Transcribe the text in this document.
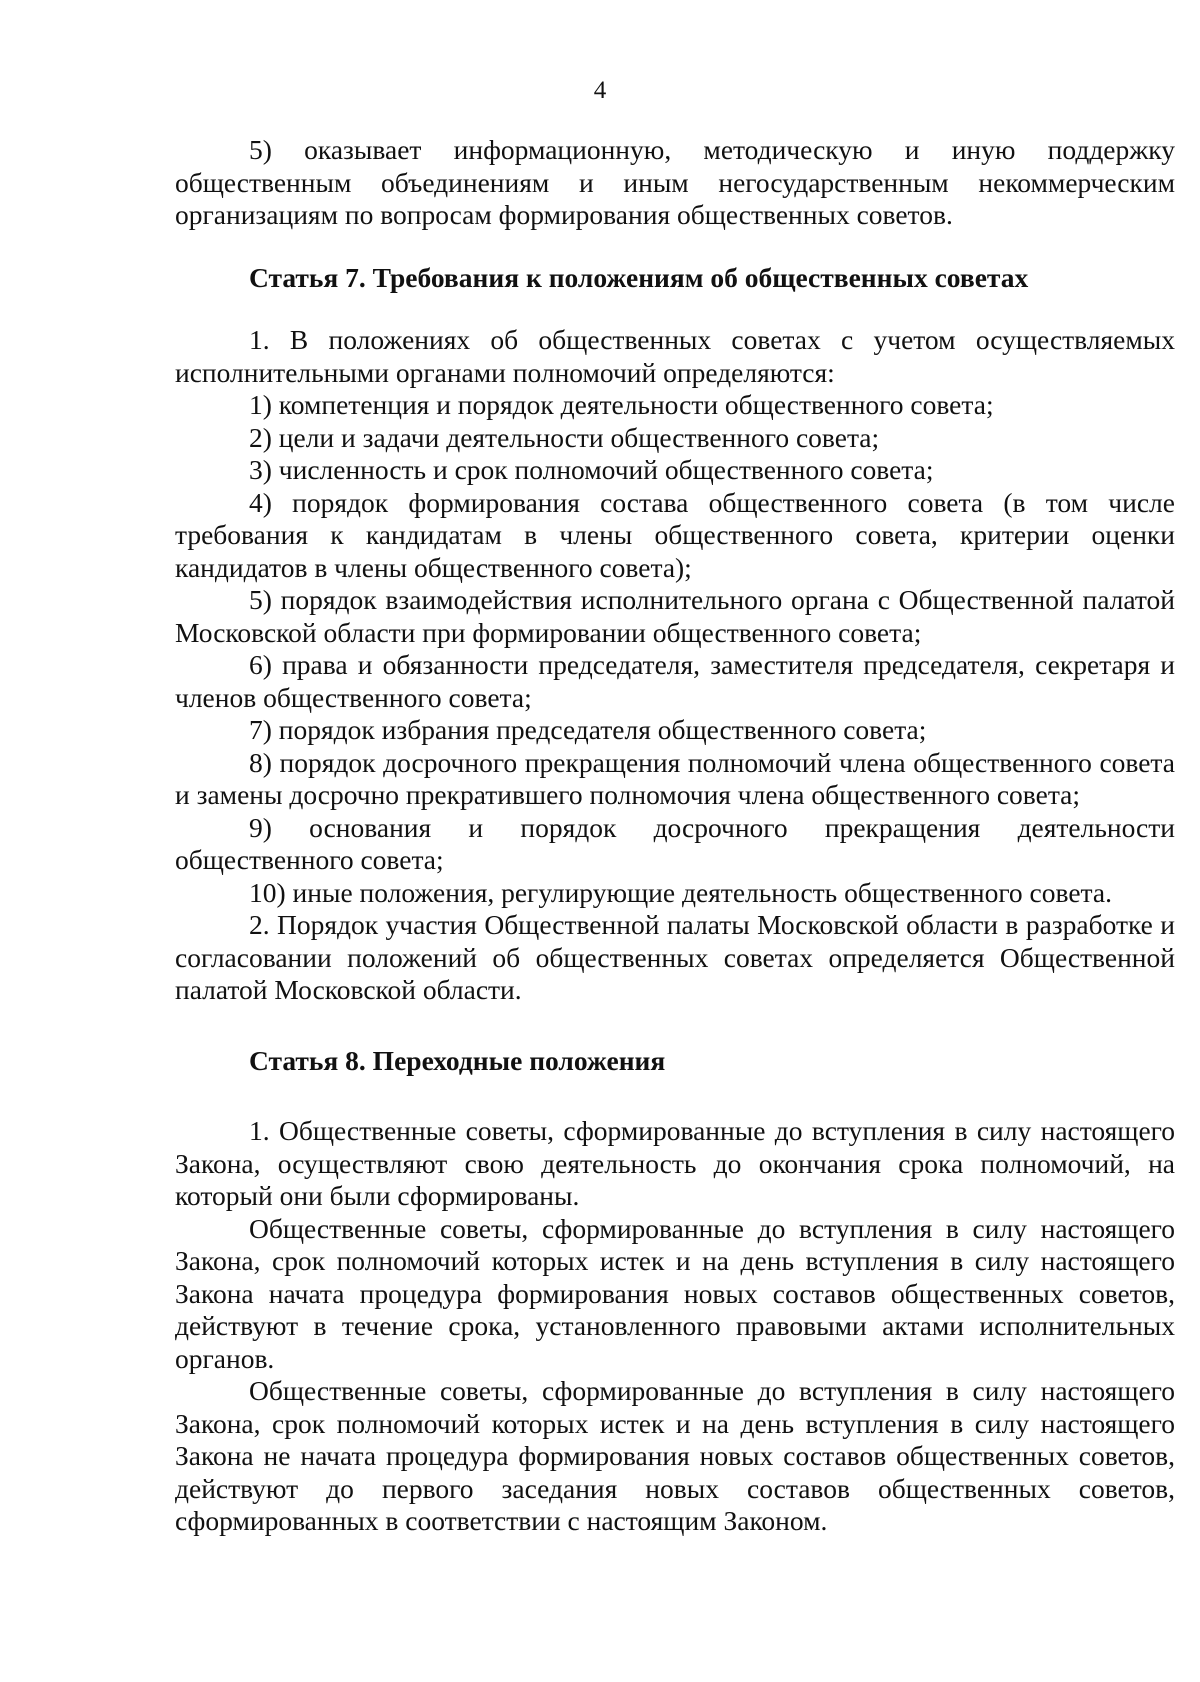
4

5) оказывает информационную, методическую и иную поддержку общественным объединениям и иным негосударственным некоммерческим организациям по вопросам формирования общественных советов.

Статья 7. Требования к положениям об общественных советах

1. В положениях об общественных советах с учетом осуществляемых исполнительными органами полномочий определяются:

1) компетенция и порядок деятельности общественного совета;

2) цели и задачи деятельности общественного совета;

3) численность и срок полномочий общественного совета;

4) порядок формирования состава общественного совета (в том числе требования к кандидатам в члены общественного совета, критерии оценки кандидатов в члены общественного совета);

5) порядок взаимодействия исполнительного органа с Общественной палатой Московской области при формировании общественного совета;

6) права и обязанности председателя, заместителя председателя, секретаря и членов общественного совета;

7) порядок избрания председателя общественного совета;

8) порядок досрочного прекращения полномочий члена общественного совета и замены досрочно прекратившего полномочия члена общественного совета;

9) основания и порядок досрочного прекращения деятельности общественного совета;

10) иные положения, регулирующие деятельность общественного совета.

2. Порядок участия Общественной палаты Московской области в разработке и согласовании положений об общественных советах определяется Общественной палатой Московской области.

Статья 8. Переходные положения

1. Общественные советы, сформированные до вступления в силу настоящего Закона, осуществляют свою деятельность до окончания срока полномочий, на который они были сформированы.

Общественные советы, сформированные до вступления в силу настоящего Закона, срок полномочий которых истек и на день вступления в силу настоящего Закона начата процедура формирования новых составов общественных советов, действуют в течение срока, установленного правовыми актами исполнительных органов.

Общественные советы, сформированные до вступления в силу настоящего Закона, срок полномочий которых истек и на день вступления в силу настоящего Закона не начата процедура формирования новых составов общественных советов, действуют до первого заседания новых составов общественных советов, сформированных в соответствии с настоящим Законом.
